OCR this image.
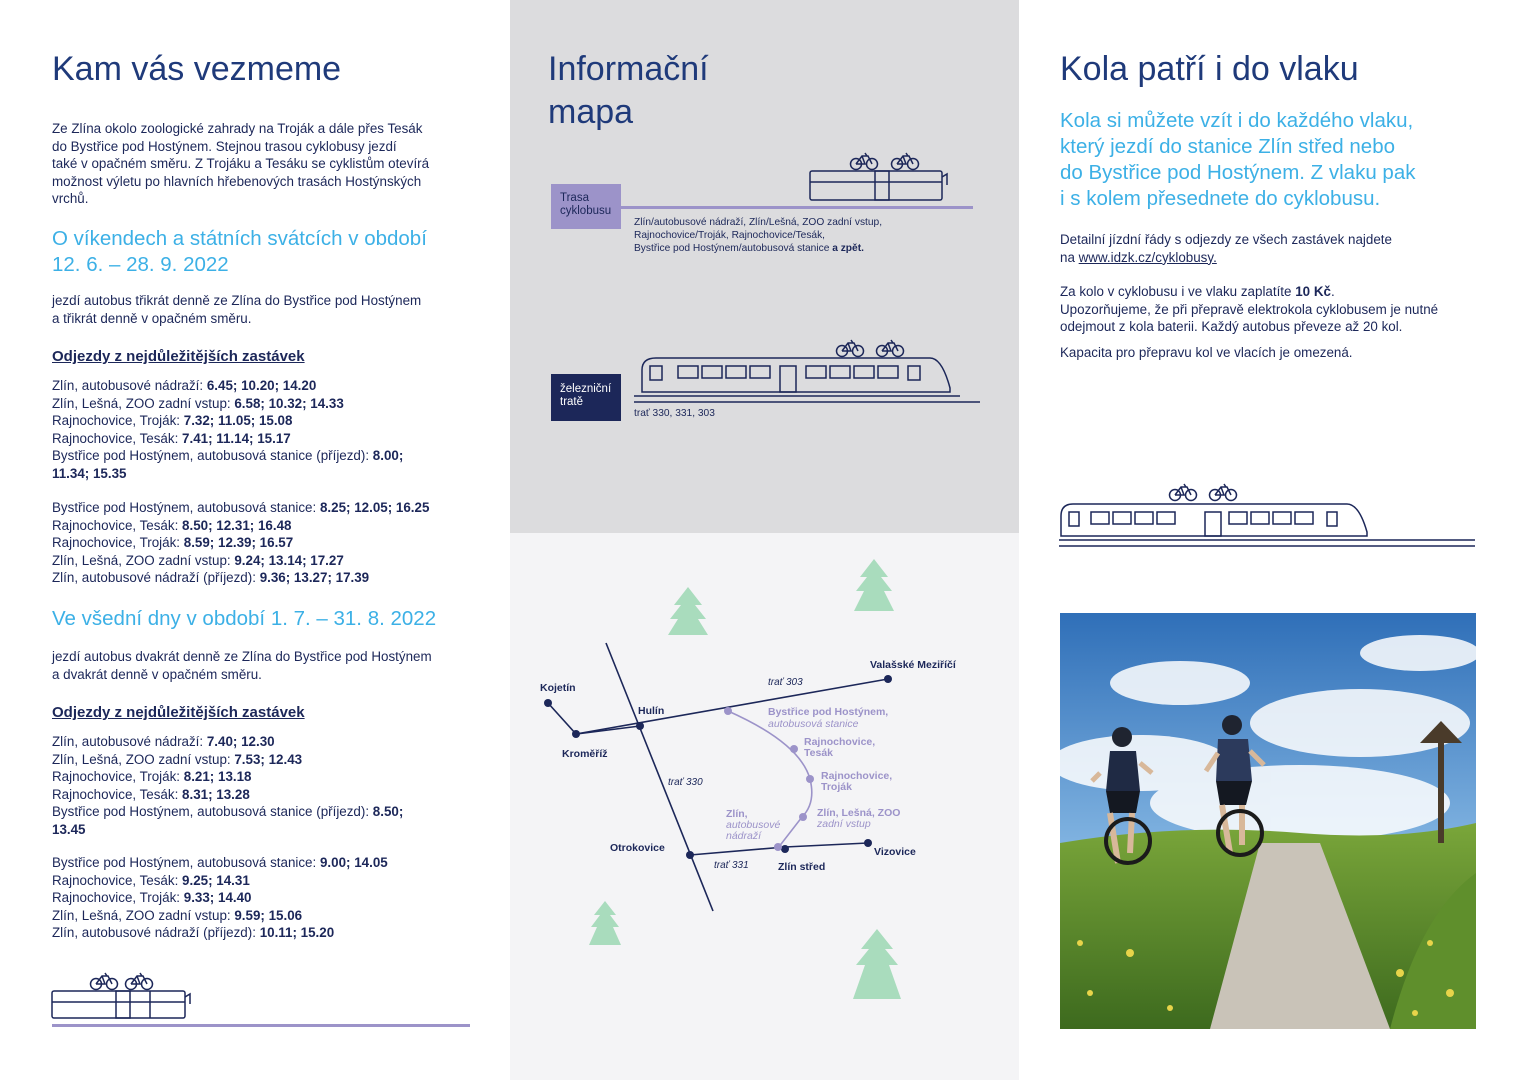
Kam vás vezmeme

Ze Zlína okolo zoologické zahrady na Troják a dále přes Tesák

do Bystřice pod Hostýnem. Stejnou trasou cyklobusy jezdí

také v opačném směru. Z Trojáku a Tesáku se cyklistům otevírá

možnost výletu po hlavních hřebenových trasách Hostýnských

vrchů.

O víkendech a státních svátcích v období

12. 6. – 28. 9. 2022

jezdí autobus třikrát denně ze Zlína do Bystřice pod Hostýnem

a třikrát denně v opačném směru.

Odjezdy z nejdůležitějších zastávek

Zlín, autobusové nádraží: 6.45; 10.20; 14.20

Zlín, Lešná, ZOO zadní vstup: 6.58; 10.32; 14.33

Rajnochovice, Troják: 7.32; 11.05; 15.08

Rajnochovice, Tesák: 7.41; 11.14; 15.17

Bystřice pod Hostýnem, autobusová stanice (příjezd): 8.00;

11.34; 15.35

Bystřice pod Hostýnem, autobusová stanice: 8.25; 12.05; 16.25

Rajnochovice, Tesák: 8.50; 12.31; 16.48

Rajnochovice, Troják: 8.59; 12.39; 16.57

Zlín, Lešná, ZOO zadní vstup: 9.24; 13.14; 17.27

Zlín, autobusové nádraží (příjezd): 9.36; 13.27; 17.39

Ve všední dny v období 1. 7. – 31. 8. 2022

jezdí autobus dvakrát denně ze Zlína do Bystřice pod Hostýnem

a dvakrát denně v opačném směru.

Odjezdy z nejdůležitějších zastávek

Zlín, autobusové nádraží: 7.40; 12.30

Zlín, Lešná, ZOO zadní vstup: 7.53; 12.43

Rajnochovice, Troják: 8.21; 13.18

Rajnochovice, Tesák: 8.31; 13.28

Bystřice pod Hostýnem, autobusová stanice (příjezd): 8.50;

13.45

Bystřice pod Hostýnem, autobusová stanice: 9.00; 14.05

Rajnochovice, Tesák: 9.25; 14.31

Rajnochovice, Troják: 9.33; 14.40

Zlín, Lešná, ZOO zadní vstup: 9.59; 15.06

Zlín, autobusové nádraží (příjezd): 10.11; 15.20

Informační
mapa
Trasa
cyklobusu
Zlín/autobusové nádraží, Zlín/Lešná, ZOO zadní vstup,
Rajnochovice/Troják, Rajnochovice/Tesák,
Bystřice pod Hostýnem/autobusová stanice a zpět.
železniční
tratě
trať 330, 331, 303
Kojetín
Kroměříž
Hulín
Valašské Meziříčí
trať 303
trať 330
trať 331
Bystřice pod Hostýnem,
autobusová stanice
Rajnochovice,
Tesák
Rajnochovice,
Troják
Zlín, Lešná, ZOO
zadní vstup
Zlín,
autobusové
nádraží
Otrokovice
Zlín střed
Vizovice
Kola patří i do vlaku

Kola si můžete vzít i do každého vlaku,

který jezdí do stanice Zlín střed nebo

do Bystřice pod Hostýnem. Z vlaku pak

i s kolem přesednete do cyklobusu.

Detailní jízdní řády s odjezdy ze všech zastávek najdete

na www.idzk.cz/cyklobusy.

Za kolo v cyklobusu i ve vlaku zaplatíte 10 Kč.

Upozorňujeme, že při přepravě elektrokola cyklobusem je nutné

odejmout z kola baterii. Každý autobus převeze až 20 kol.

Kapacita pro přepravu kol ve vlacích je omezená.
